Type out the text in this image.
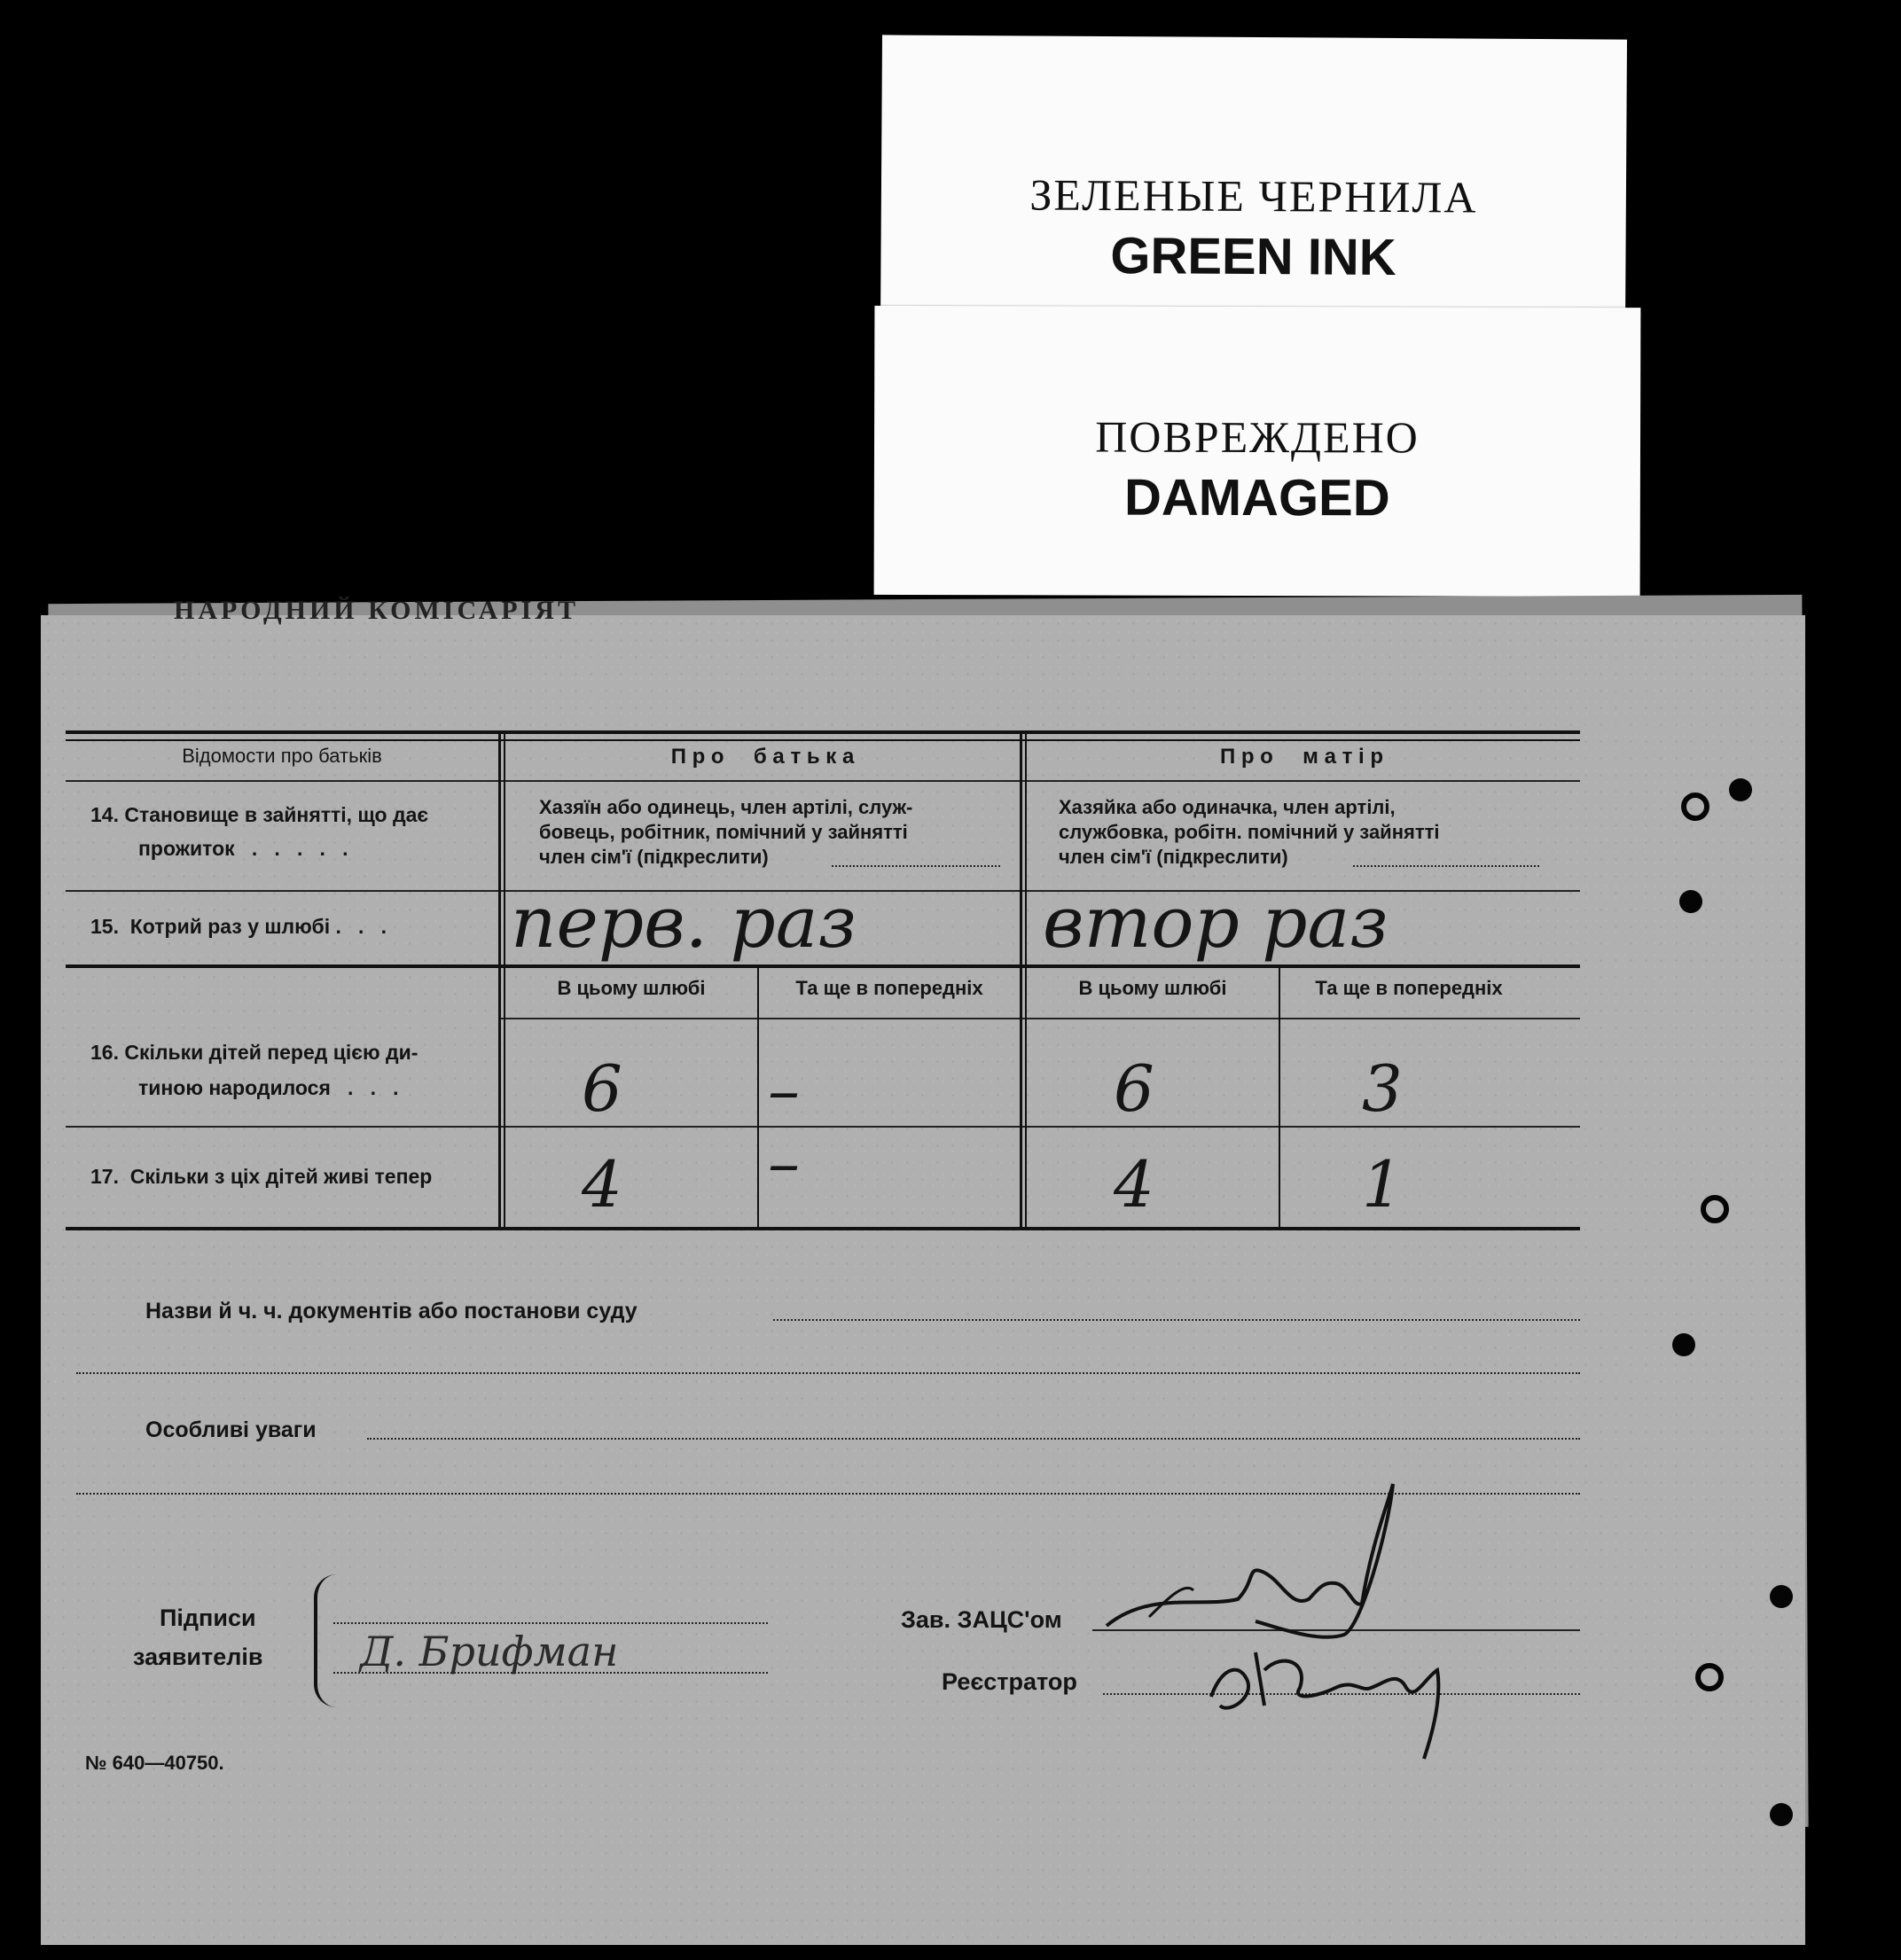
ЗЕЛЕНЫЕ ЧЕРНИЛА
GREEN INK
ПОВРЕЖДЕНО
DAMAGED
НАРОДНИЙ КОМІСАРІЯТ
Відомости про батьків	П р о     б а т ь к а	П р о     м а т і р
14. Становище в зайнятті, що дає
прожиток   .   .   .   .   .
Хазяїн або одинець, член артілі, служ-
бовець, робітник, помічний у зайнятті
член сім'ї (підкреслити)
Хазяйка або одиначка, член артілі,
службовка, робітн. помічний у зайнятті
член сім'ї (підкреслити)
15.  Котрий раз у шлюбі .   .   . перв. раз	втор раз
В цьому шлюбі	Та ще в попередніх	В цьому шлюбі	Та ще в попередніх
16. Скільки дітей перед цією ди-
тиною народилося   .   .   .	6 –	6	3
17.  Скільки з ціх дітей живі тепер 4 –	4	1
Назви й ч. ч. документів або постанови суду
Особливі уваги
Підписи
заявителів Д. Брифман
Зав. ЗАЦС'ом
Реєстратор
№ 640—40750.
